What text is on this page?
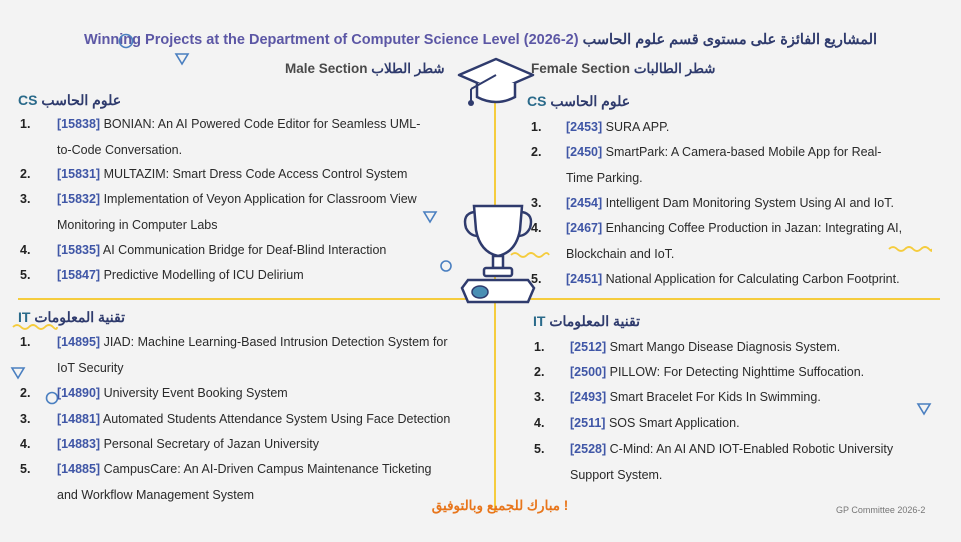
Winning Projects at the Department of Computer Science Level (2026-2) المشاريع الفائزة على مستوى قسم علوم الحاسب
Male Section شطر الطلاب	Female Section شطر الطالبات
CS علوم الحاسب
1. [15838] BONIAN: An AI Powered Code Editor for Seamless UML-
to-Code Conversation.
2. [15831] MULTAZIM: Smart Dress Code Access Control System
3. [15832] Implementation of Veyon Application for Classroom View
Monitoring in Computer Labs
4. [15835] AI Communication Bridge for Deaf-Blind Interaction
5. [15847] Predictive Modelling of ICU Delirium
IT تقنية المعلومات
1. [14895] JIAD: Machine Learning-Based Intrusion Detection System for
IoT Security
2. [14890] University Event Booking System
3. [14881] Automated Students Attendance System Using Face Detection
4. [14883] Personal Secretary of Jazan University
5. [14885] CampusCare: An AI-Driven Campus Maintenance Ticketing
and Workflow Management System
CS علوم الحاسب
1. [2453] SURA APP.
2. [2450] SmartPark: A Camera-based Mobile App for Real-
Time Parking.
3. [2454] Intelligent Dam Monitoring System Using AI and IoT.
4. [2467] Enhancing Coffee Production in Jazan: Integrating AI,
Blockchain and IoT.
5. [2451] National Application for Calculating Carbon Footprint.
IT تقنية المعلومات
1. [2512] Smart Mango Disease Diagnosis System.
2. [2500] PILLOW: For Detecting Nighttime Suffocation.
3. [2493] Smart Bracelet For Kids In Swimming.
4. [2511] SOS Smart Application.
5. [2528] C-Mind: An AI AND IOT-Enabled Robotic University
Support System.
مبارك للجميع وبالتوفيق !	GP Committee 2026-2
